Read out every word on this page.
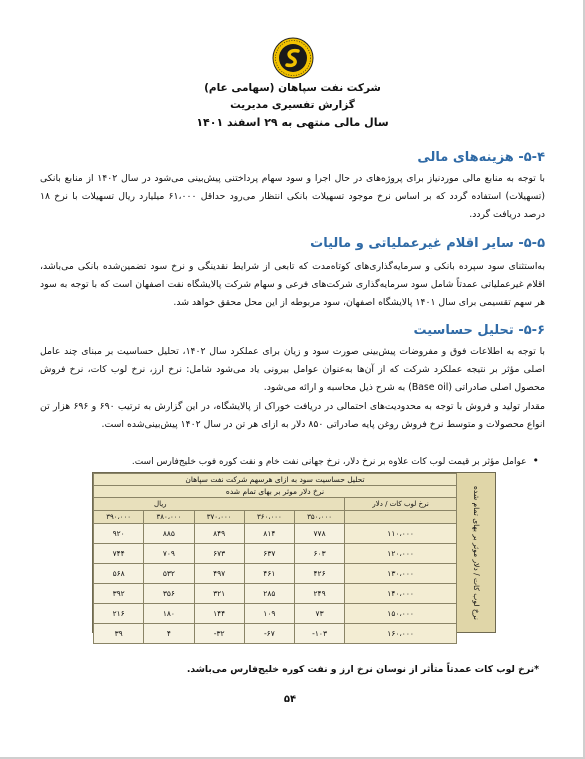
شرکت نفت سپاهان (سهامی عام)
گزارش تفسیری مدیریت
سال مالی منتهی به ۲۹ اسفند ۱۴۰۱
۵-۴- هزینه‌های مالی
با توجه به منابع مالی موردنیاز برای پروژه‌های در حال اجرا و سود سهام پرداختنی پیش‌بینی می‌شود در سال ۱۴۰۲ از منابع بانکی (تسهیلات) استفاده گردد که بر اساس نرخ موجود تسهیلات بانکی انتظار می‌رود حداقل ۶۱،۰۰۰ میلیارد ریال تسهیلات با نرخ ۱۸ درصد دریافت گردد.
۵-۵- سایر اقلام غیرعملیاتی و مالیات
به‌استثنای سود سپرده بانکی و سرمایه‌گذاری‌های کوتاه‌مدت که تابعی از شرایط نقدینگی و نرخ سود تضمین‌شده بانکی می‌باشد، اقلام غیرعملیاتی عمدتاً شامل سود سرمایه‌گذاری شرکت‌های فرعی و سهام شرکت پالایشگاه نفت اصفهان است که با توجه به سود هر سهم تقسیمی برای سال ۱۴۰۱ پالایشگاه اصفهان، سود مربوطه از این محل محقق خواهد شد.
۵-۶- تحلیل حساسیت
با توجه به اطلاعات فوق و مفروضات پیش‌بینی صورت سود و زیان برای عملکرد سال ۱۴۰۲، تحلیل حساسیت بر مبنای چند عامل اصلی مؤثر بر نتیجه عملکرد شرکت که از آن‌ها به‌عنوان عوامل بیرونی یاد می‌شود شامل: نرخ ارز، نرخ لوب کات، نرخ فروش محصول اصلی صادراتی (Base oil) به شرح ذیل محاسبه و ارائه می‌شود.
مقدار تولید و فروش با توجه به محدودیت‌های احتمالی در دریافت خوراک از پالایشگاه، در این گزارش به ترتیب ۶۹۰ و ۶۹۶ هزار تن انواع محصولات و متوسط نرخ فروش روغن پایه صادراتی ۸۵۰ دلار به ازای هر تن در سال ۱۴۰۲ پیش‌بینی‌شده است.
•عوامل مؤثر بر قیمت لوب کات علاوه بر نرخ دلار، نرخ جهانی نفت خام و نفت کوره فوب خلیج‌فارس است.
نرخ لوب کات / دلار موثر بر بهای تمام شده
تحلیل حساسیت سود به ازای هرسهم شرکت نفت سپاهان					
نرخ دلار موثر بر بهای تمام شده					
نرخ لوب کات / دلار	ریال				
	۳۵۰،۰۰۰	۳۶۰،۰۰۰	۳۷۰،۰۰۰	۳۸۰،۰۰۰	۳۹۰،۰۰۰
۱۱۰،۰۰۰	۷۷۸	۸۱۴	۸۴۹	۸۸۵	۹۲۰
۱۲۰،۰۰۰	۶۰۳	۶۳۷	۶۷۳	۷۰۹	۷۴۴
۱۳۰،۰۰۰	۴۲۶	۴۶۱	۴۹۷	۵۳۲	۵۶۸
۱۴۰،۰۰۰	۲۴۹	۲۸۵	۳۲۱	۳۵۶	۳۹۲
۱۵۰،۰۰۰	۷۳	۱۰۹	۱۴۴	۱۸۰	۲۱۶
۱۶۰،۰۰۰	۱۰۳-	۶۷-	۳۲-	۴	۳۹
*نرخ لوب کات عمدتاً متأثر از نوسان نرخ ارز و نفت کوره خلیج‌فارس می‌باشد.
۵۴
